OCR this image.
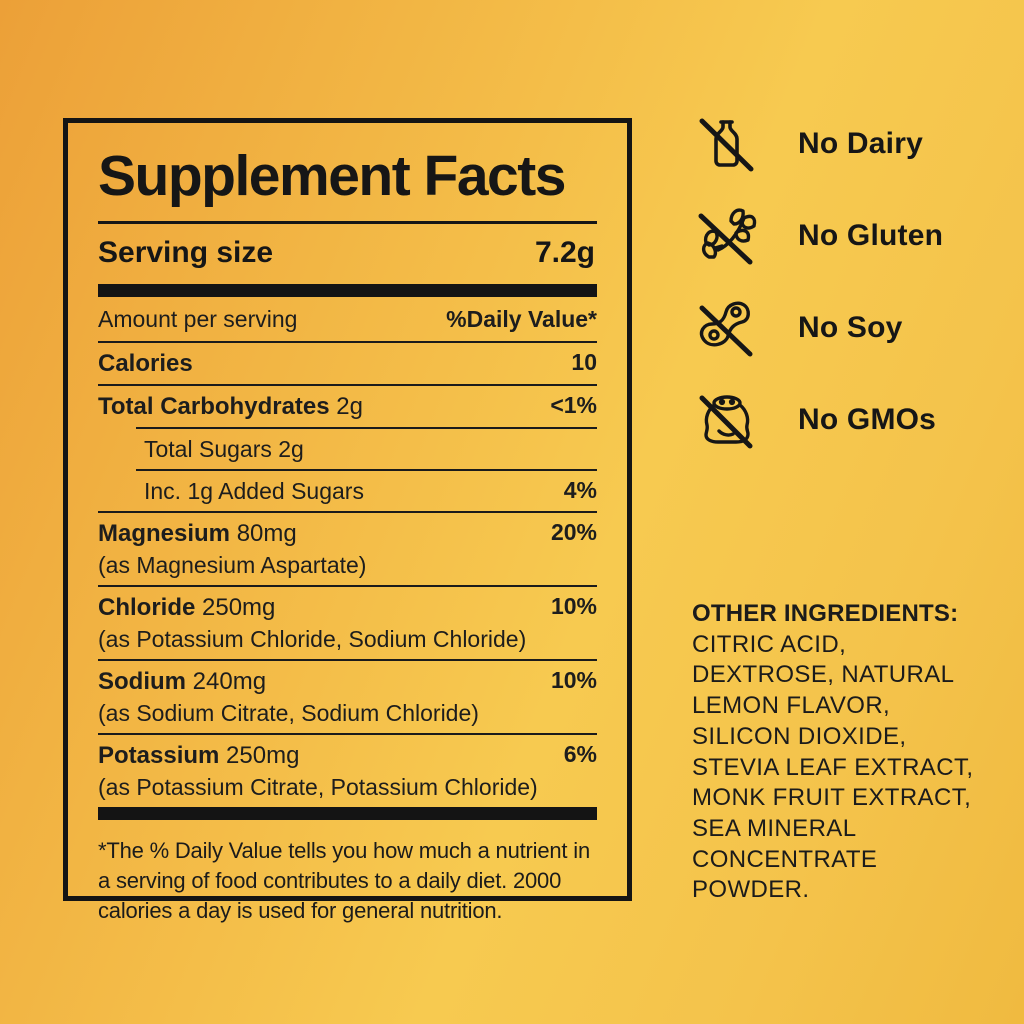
Supplement Facts
Serving size	7.2g
Amount per serving	%Daily Value*
Calories	10
Total Carbohydrates 2g	<1%
Total Sugars 2g
Inc. 1g Added Sugars	4%
Magnesium 80mg	20%
(as Magnesium Aspartate)
Chloride 250mg	10%
(as Potassium Chloride, Sodium Chloride)
Sodium 240mg	10%
(as Sodium Citrate, Sodium Chloride)
Potassium 250mg	6%
(as Potassium Citrate, Potassium Chloride)

*The % Daily Value tells you how much a nutrient in a serving of food contributes to a daily diet. 2000 calories a day is used for general nutrition.

No Dairy
No Gluten
No Soy
No GMOs
OTHER INGREDIENTS:
CITRIC ACID,
DEXTROSE, NATURAL
LEMON FLAVOR,
SILICON DIOXIDE,
STEVIA LEAF EXTRACT,
MONK FRUIT EXTRACT,
SEA MINERAL
CONCENTRATE
POWDER.
